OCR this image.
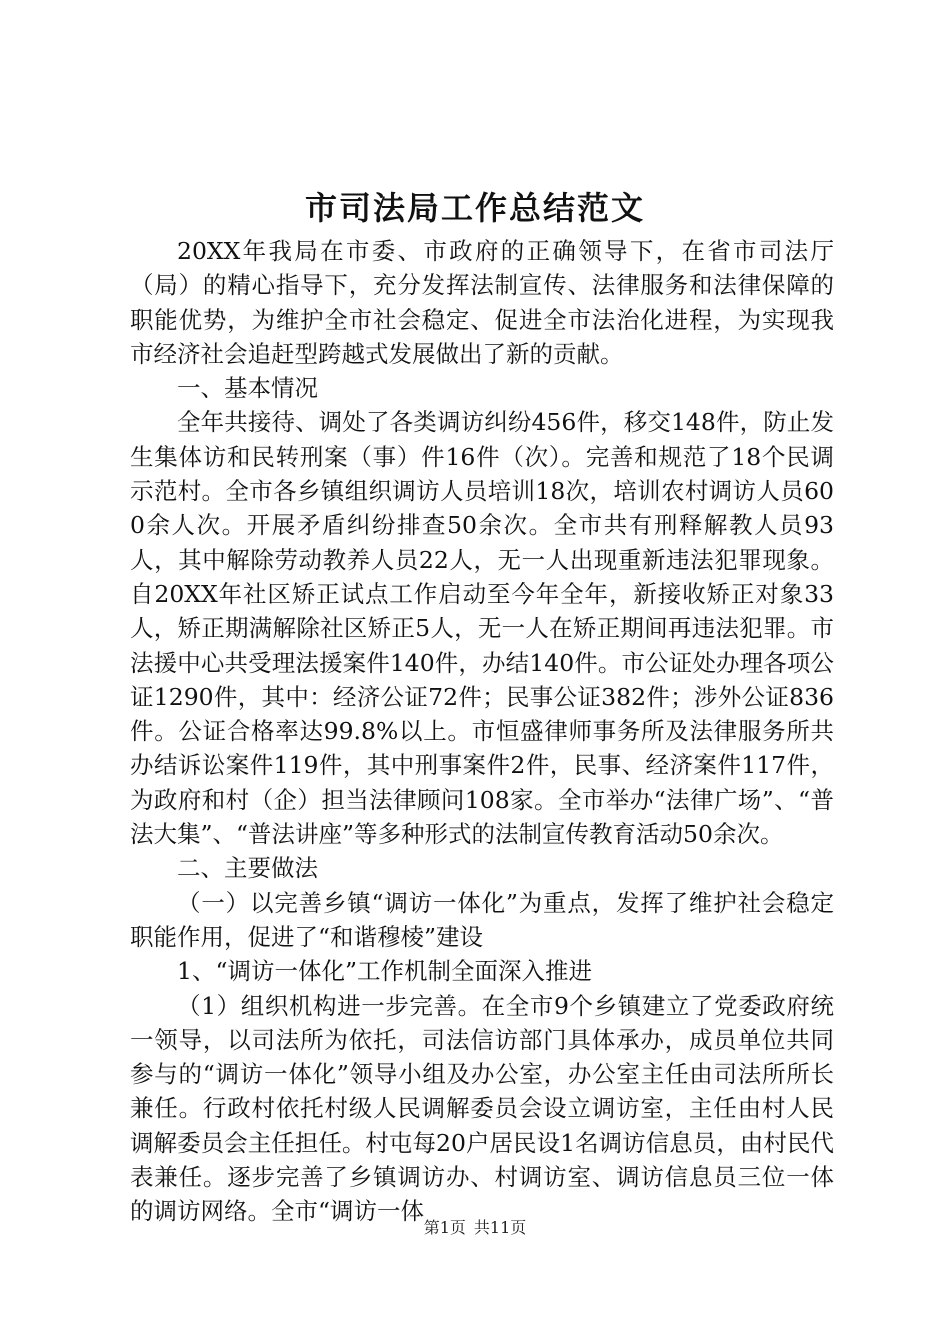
市司法局工作总结范文

20XX年我局在市委、市政府的正确领导下，在省市司法厅（局）的精心指导下，充分发挥法制宣传、法律服务和法律保障的职能优势，为维护全市社会稳定、促进全市法治化进程，为实现我市经济社会追赶型跨越式发展做出了新的贡献。

一、基本情况

全年共接待、调处了各类调访纠纷456件，移交148件，防止发生集体访和民转刑案（事）件16件（次）。完善和规范了18个民调示范村。全市各乡镇组织调访人员培训18次，培训农村调访人员600余人次。开展矛盾纠纷排查50余次。全市共有刑释解教人员93人，其中解除劳动教养人员22人，无一人出现重新违法犯罪现象。自20XX年社区矫正试点工作启动至今年全年，新接收矫正对象33人，矫正期满解除社区矫正5人，无一人在矫正期间再违法犯罪。市法援中心共受理法援案件140件，办结140件。市公证处办理各项公证1290件，其中：经济公证72件；民事公证382件；涉外公证836件。公证合格率达99.8%以上。市恒盛律师事务所及法律服务所共办结诉讼案件119件，其中刑事案件2件，民事、经济案件117件，为政府和村（企）担当法律顾问108家。全市举办“法律广场”、“普法大集”、“普法讲座”等多种形式的法制宣传教育活动50余次。

二、主要做法

（一）以完善乡镇“调访一体化”为重点，发挥了维护社会稳定职能作用，促进了“和谐穆棱”建设

1、“调访一体化”工作机制全面深入推进

（1）组织机构进一步完善。在全市9个乡镇建立了党委政府统一领导，以司法所为依托，司法信访部门具体承办，成员单位共同参与的“调访一体化”领导小组及办公室，办公室主任由司法所所长兼任。行政村依托村级人民调解委员会设立调访室，主任由村人民调解委员会主任担任。村屯每20户居民设1名调访信息员，由村民代表兼任。逐步完善了乡镇调访办、村调访室、调访信息员三位一体的调访网络。全市“调访一体

第1页 共11页
